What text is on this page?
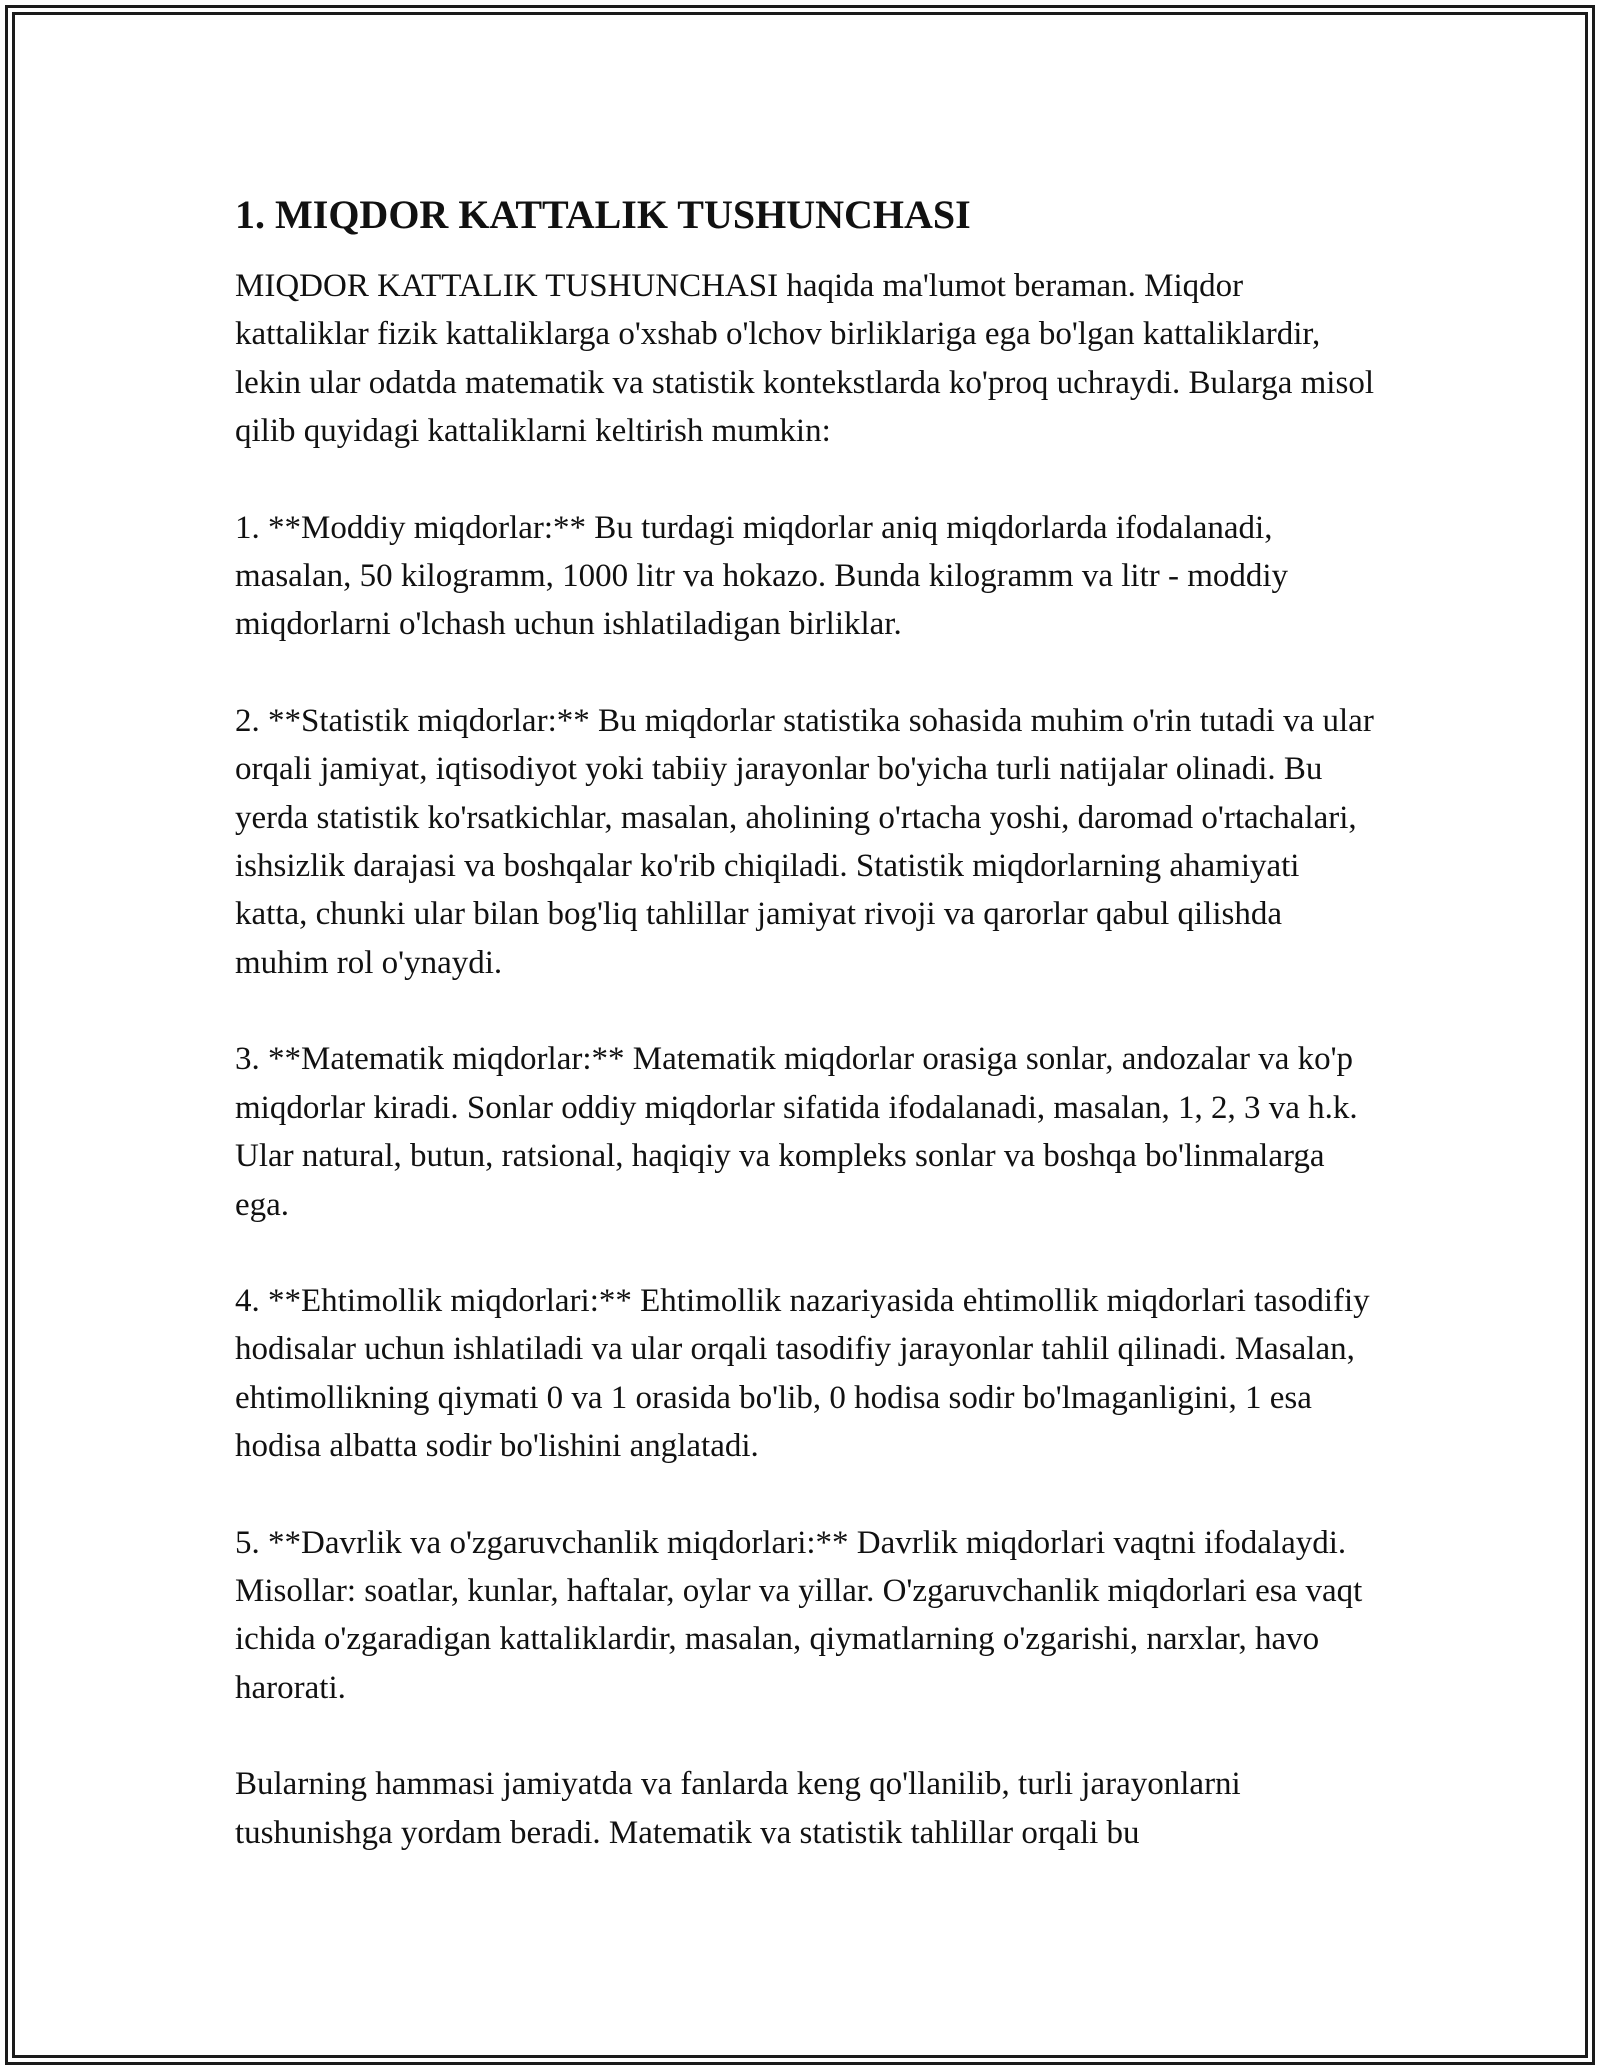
1. MIQDOR KATTALIK TUSHUNCHASI

MIQDOR KATTALIK TUSHUNCHASI haqida ma'lumot beraman. Miqdor kattaliklar fizik kattaliklarga o'xshab o'lchov birliklariga ega bo'lgan kattaliklardir, lekin ular odatda matematik va statistik kontekstlarda ko'proq uchraydi. Bularga misol qilib quyidagi kattaliklarni keltirish mumkin:

1. **Moddiy miqdorlar:** Bu turdagi miqdorlar aniq miqdorlarda ifodalanadi, masalan, 50 kilogramm, 1000 litr va hokazo. Bunda kilogramm va litr - moddiy miqdorlarni o'lchash uchun ishlatiladigan birliklar.

2. **Statistik miqdorlar:** Bu miqdorlar statistika sohasida muhim o'rin tutadi va ular orqali jamiyat, iqtisodiyot yoki tabiiy jarayonlar bo'yicha turli natijalar olinadi. Bu yerda statistik ko'rsatkichlar, masalan, aholining o'rtacha yoshi, daromad o'rtachalari, ishsizlik darajasi va boshqalar ko'rib chiqiladi. Statistik miqdorlarning ahamiyati katta, chunki ular bilan bog'liq tahlillar jamiyat rivoji va qarorlar qabul qilishda muhim rol o'ynaydi.

3. **Matematik miqdorlar:** Matematik miqdorlar orasiga sonlar, andozalar va ko'p miqdorlar kiradi. Sonlar oddiy miqdorlar sifatida ifodalanadi, masalan, 1, 2, 3 va h.k. Ular natural, butun, ratsional, haqiqiy va kompleks sonlar va boshqa bo'linmalarga ega.

4. **Ehtimollik miqdorlari:** Ehtimollik nazariyasida ehtimollik miqdorlari tasodifiy hodisalar uchun ishlatiladi va ular orqali tasodifiy jarayonlar tahlil qilinadi. Masalan, ehtimollikning qiymati 0 va 1 orasida bo'lib, 0 hodisa sodir bo'lmaganligini, 1 esa hodisa albatta sodir bo'lishini anglatadi.

5. **Davrlik va o'zgaruvchanlik miqdorlari:** Davrlik miqdorlari vaqtni ifodalaydi. Misollar: soatlar, kunlar, haftalar, oylar va yillar. O'zgaruvchanlik miqdorlari esa vaqt ichida o'zgaradigan kattaliklardir, masalan, qiymatlarning o'zgarishi, narxlar, havo harorati.

Bularning hammasi jamiyatda va fanlarda keng qo'llanilib, turli jarayonlarni tushunishga yordam beradi. Matematik va statistik tahlillar orqali bu
